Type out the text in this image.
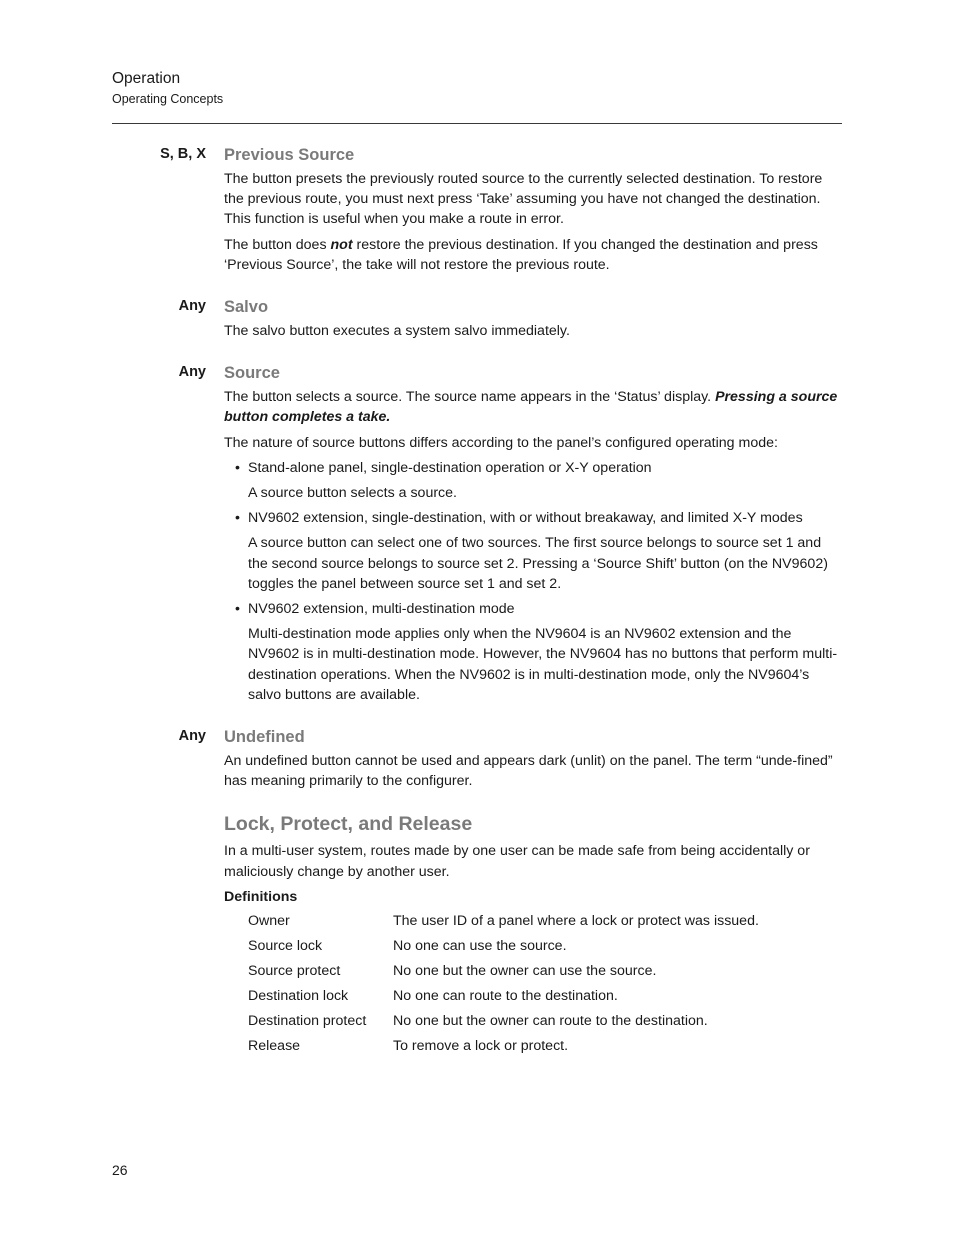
Operation
Operating Concepts
S, B, X Previous Source

The button presets the previously routed source to the currently selected destination. To restore the previous route, you must next press ‘Take’ assuming you have not changed the destination. This function is useful when you make a route in error.

The button does not restore the previous destination. If you changed the destination and press ‘Previous Source’, the take will not restore the previous route.

Any Salvo

The salvo button executes a system salvo immediately.

Any Source

The button selects a source. The source name appears in the ‘Status’ display. Pressing a source button completes a take.

The nature of source buttons differs according to the panel’s configured operating mode:

• Stand-alone panel, single-destination operation or X-Y operation

A source button selects a source.

• NV9602 extension, single-destination, with or without breakaway, and limited X-Y modes

A source button can select one of two sources. The first source belongs to source set 1 and the second source belongs to source set 2. Pressing a ‘Source Shift’ button (on the NV9602) toggles the panel between source set 1 and set 2.

• NV9602 extension, multi-destination mode

Multi-destination mode applies only when the NV9604 is an NV9602 extension and the NV9602 is in multi-destination mode. However, the NV9604 has no buttons that perform multi-destination operations. When the NV9602 is in multi-destination mode, only the NV9604’s salvo buttons are available.

Any Undefined

An undefined button cannot be used and appears dark (unlit) on the panel. The term “unde-fined” has meaning primarily to the configurer.

Lock, Protect, and Release

In a multi-user system, routes made by one user can be made safe from being accidentally or maliciously change by another user.

Definitions
Owner	The user ID of a panel where a lock or protect was issued.
Source lock	No one can use the source.
Source protect	No one but the owner can use the source.
Destination lock	No one can route to the destination.
Destination protect	No one but the owner can route to the destination.
Release	To remove a lock or protect.
26
